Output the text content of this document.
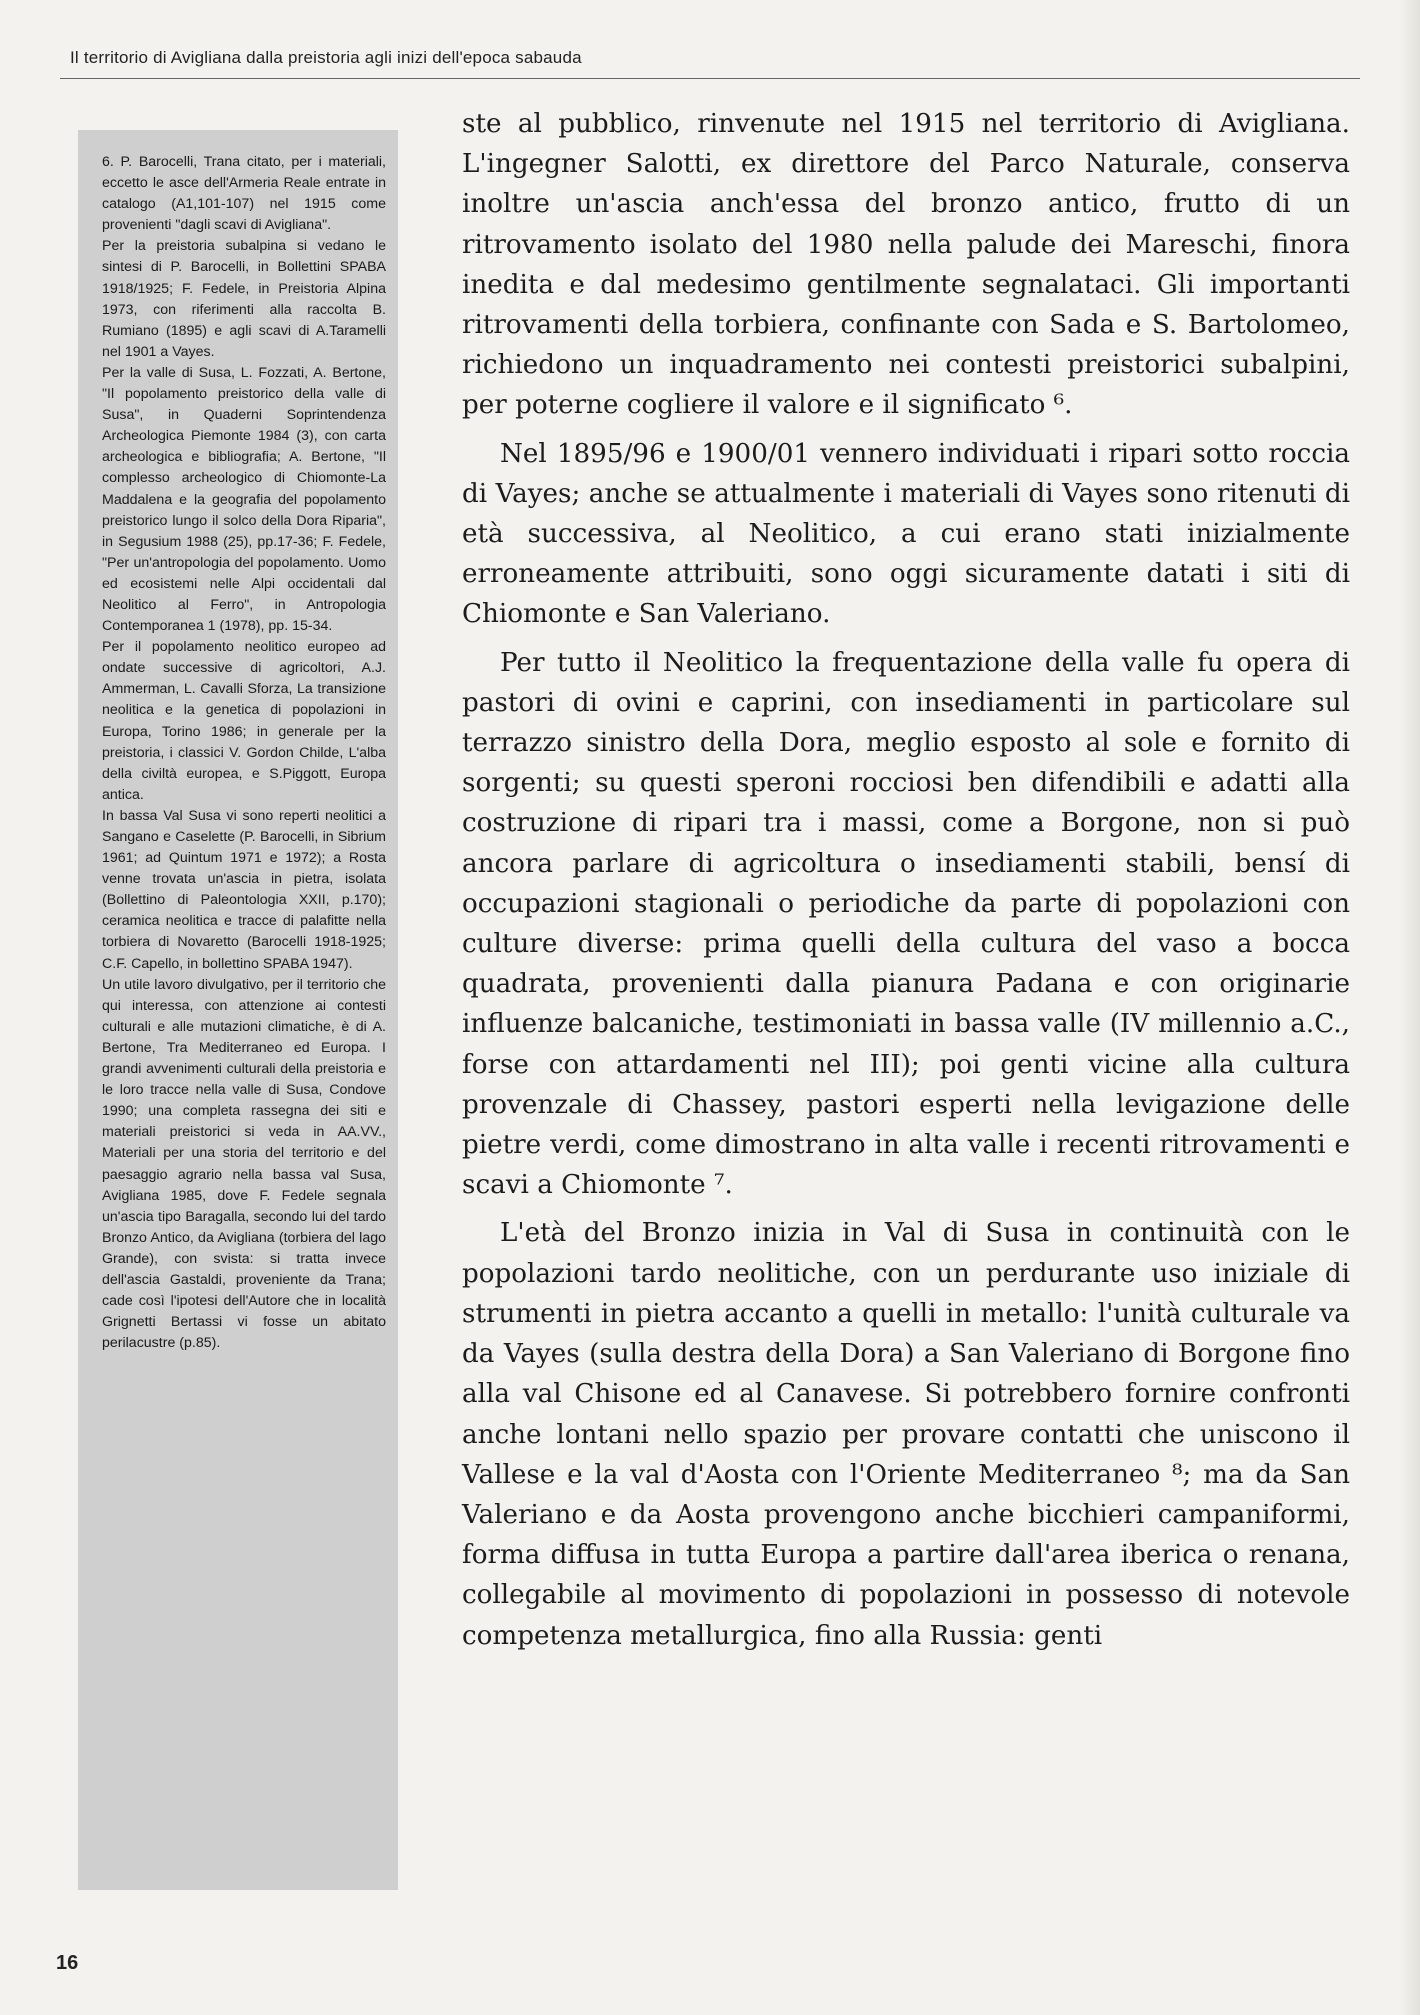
Il territorio di Avigliana dalla preistoria agli inizi dell'epoca sabauda

6. P. Barocelli, Trana citato, per i materiali, eccetto le asce dell'Armeria Reale entrate in catalogo (A1,101-107) nel 1915 come provenienti "dagli scavi di Avigliana".

Per la preistoria subalpina si vedano le sintesi di P. Barocelli, in Bollettini SPABA 1918/1925; F. Fedele, in Preistoria Alpina 1973, con riferimenti alla raccolta B. Rumiano (1895) e agli scavi di A.Taramelli nel 1901 a Vayes.

Per la valle di Susa, L. Fozzati, A. Bertone, "Il popolamento preistorico della valle di Susa", in Quaderni Soprintendenza Archeologica Piemonte 1984 (3), con carta archeologica e bibliografia; A. Bertone, "Il complesso archeologico di Chiomonte-La Maddalena e la geografia del popolamento preistorico lungo il solco della Dora Riparia", in Segusium 1988 (25), pp.17-36; F. Fedele, "Per un'antropologia del popolamento. Uomo ed ecosistemi nelle Alpi occidentali dal Neolitico al Ferro", in Antropologia Contemporanea 1 (1978), pp. 15-34.

Per il popolamento neolitico europeo ad ondate successive di agricoltori, A.J. Ammerman, L. Cavalli Sforza, La transizione neolitica e la genetica di popolazioni in Europa, Torino 1986; in generale per la preistoria, i classici V. Gordon Childe, L'alba della civiltà europea, e S.Piggott, Europa antica.

In bassa Val Susa vi sono reperti neolitici a Sangano e Caselette (P. Barocelli, in Sibrium 1961; ad Quintum 1971 e 1972); a Rosta venne trovata un'ascia in pietra, isolata (Bollettino di Paleontologia XXII, p.170); ceramica neolitica e tracce di palafitte nella torbiera di Novaretto (Barocelli 1918-1925; C.F. Capello, in bollettino SPABA 1947).

Un utile lavoro divulgativo, per il territorio che qui interessa, con attenzione ai contesti culturali e alle mutazioni climatiche, è di A. Bertone, Tra Mediterraneo ed Europa. I grandi avvenimenti culturali della preistoria e le loro tracce nella valle di Susa, Condove 1990; una completa rassegna dei siti e materiali preistorici si veda in AA.VV., Materiali per una storia del territorio e del paesaggio agrario nella bassa val Susa, Avigliana 1985, dove F. Fedele segnala un'ascia tipo Baragalla, secondo lui del tardo Bronzo Antico, da Avigliana (torbiera del lago Grande), con svista: si tratta invece dell'ascia Gastaldi, proveniente da Trana; cade così l'ipotesi dell'Autore che in località Grignetti Bertassi vi fosse un abitato perilacustre (p.85).

ste al pubblico, rinvenute nel 1915 nel territorio di Avigliana. L'ingegner Salotti, ex direttore del Parco Naturale, conserva inoltre un'ascia anch'essa del bronzo antico, frutto di un ritrovamento isolato del 1980 nella palude dei Mareschi, finora inedita e dal medesimo gentilmente segnalataci. Gli importanti ritrovamenti della torbiera, confinante con Sada e S. Bartolomeo, richiedono un inquadramento nei contesti preistorici subalpini, per poterne cogliere il valore e il significato ⁶.

Nel 1895/96 e 1900/01 vennero individuati i ripari sotto roccia di Vayes; anche se attualmente i materiali di Vayes sono ritenuti di età successiva, al Neolitico, a cui erano stati inizialmente erroneamente attribuiti, sono oggi sicuramente datati i siti di Chiomonte e San Valeriano.

Per tutto il Neolitico la frequentazione della valle fu opera di pastori di ovini e caprini, con insediamenti in particolare sul terrazzo sinistro della Dora, meglio esposto al sole e fornito di sorgenti; su questi speroni rocciosi ben difendibili e adatti alla costruzione di ripari tra i massi, come a Borgone, non si può ancora parlare di agricoltura o insediamenti stabili, bensí di occupazioni stagionali o periodiche da parte di popolazioni con culture diverse: prima quelli della cultura del vaso a bocca quadrata, provenienti dalla pianura Padana e con originarie influenze balcaniche, testimoniati in bassa valle (IV millennio a.C., forse con attardamenti nel III); poi genti vicine alla cultura provenzale di Chassey, pastori esperti nella levigazione delle pietre verdi, come dimostrano in alta valle i recenti ritrovamenti e scavi a Chiomonte ⁷.

L'età del Bronzo inizia in Val di Susa in continuità con le popolazioni tardo neolitiche, con un perdurante uso iniziale di strumenti in pietra accanto a quelli in metallo: l'unità culturale va da Vayes (sulla destra della Dora) a San Valeriano di Borgone fino alla val Chisone ed al Canavese. Si potrebbero fornire confronti anche lontani nello spazio per provare contatti che uniscono il Vallese e la val d'Aosta con l'Oriente Mediterraneo ⁸; ma da San Valeriano e da Aosta provengono anche bicchieri campaniformi, forma diffusa in tutta Europa a partire dall'area iberica o renana, collegabile al movimento di popolazioni in possesso di notevole competenza metallurgica, fino alla Russia: genti

16
